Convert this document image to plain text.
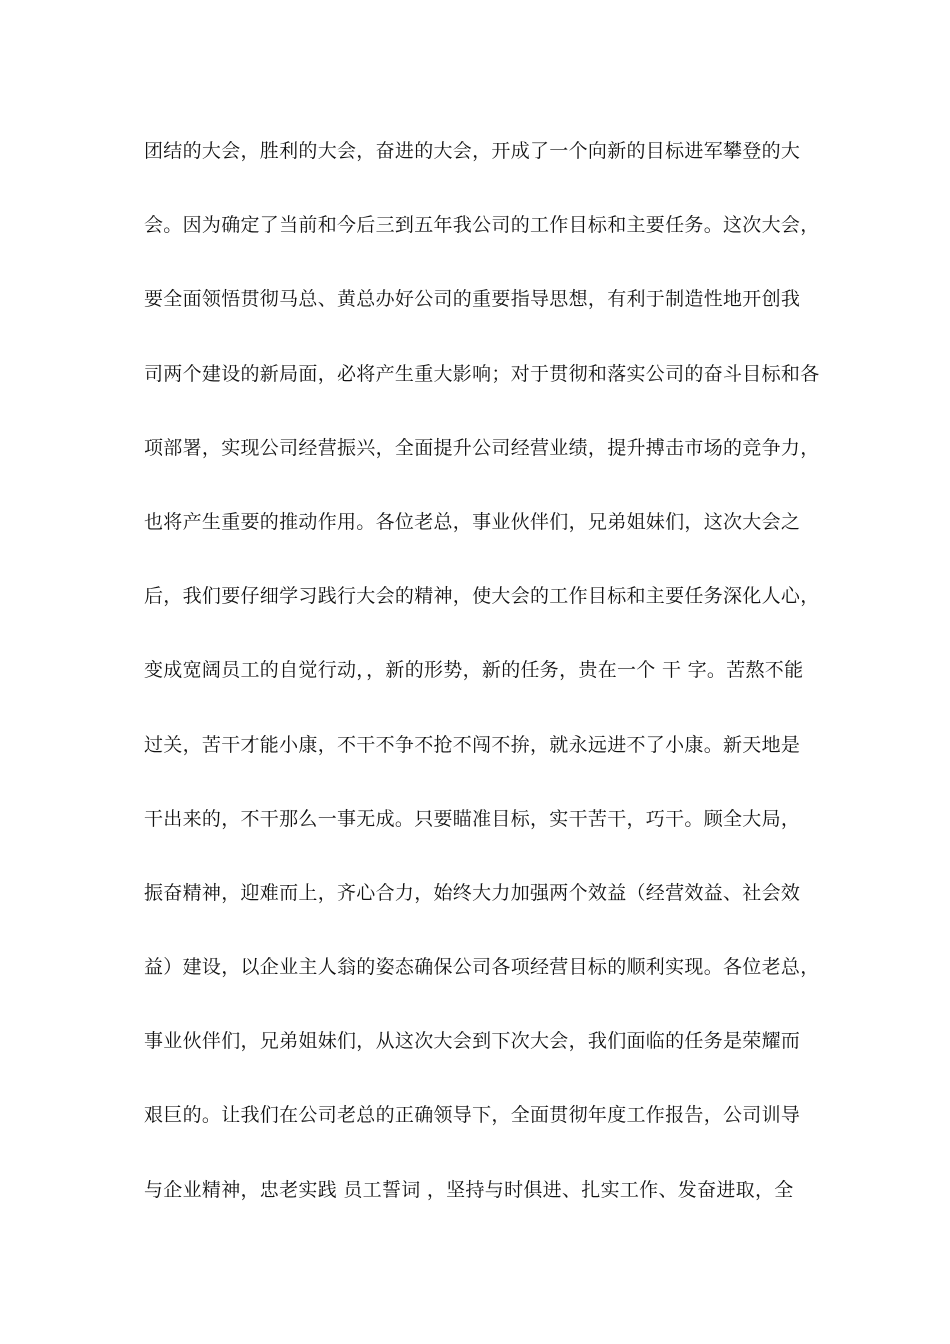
团结的大会，胜利的大会，奋进的大会，开成了一个向新的目标进军攀登的大
会。因为确定了当前和今后三到五年我公司的工作目标和主要任务。这次大会，
要全面领悟贯彻马总、黄总办好公司的重要指导思想，有利于制造性地开创我
司两个建设的新局面，必将产生重大影响；对于贯彻和落实公司的奋斗目标和各
项部署，实现公司经营振兴，全面提升公司经营业绩，提升搏击市场的竞争力，
也将产生重要的推动作用。各位老总，事业伙伴们，兄弟姐妹们，这次大会之
后，我们要仔细学习践行大会的精神，使大会的工作目标和主要任务深化人心，
变成宽阔员工的自觉行动，，新的形势，新的任务，贵在一个 干 字。苦熬不能
过关，苦干才能小康，不干不争不抢不闯不拚，就永远进不了小康。新天地是
干出来的，不干那么一事无成。只要瞄准目标，实干苦干，巧干。顾全大局，
振奋精神，迎难而上，齐心合力，始终大力加强两个效益（经营效益、社会效
益）建设，以企业主人翁的姿态确保公司各项经营目标的顺利实现。各位老总，
事业伙伴们，兄弟姐妹们，从这次大会到下次大会，我们面临的任务是荣耀而
艰巨的。让我们在公司老总的正确领导下，全面贯彻年度工作报告，公司训导
与企业精神，忠老实践 员工誓词 ，坚持与时俱进、扎实工作、发奋进取，全
